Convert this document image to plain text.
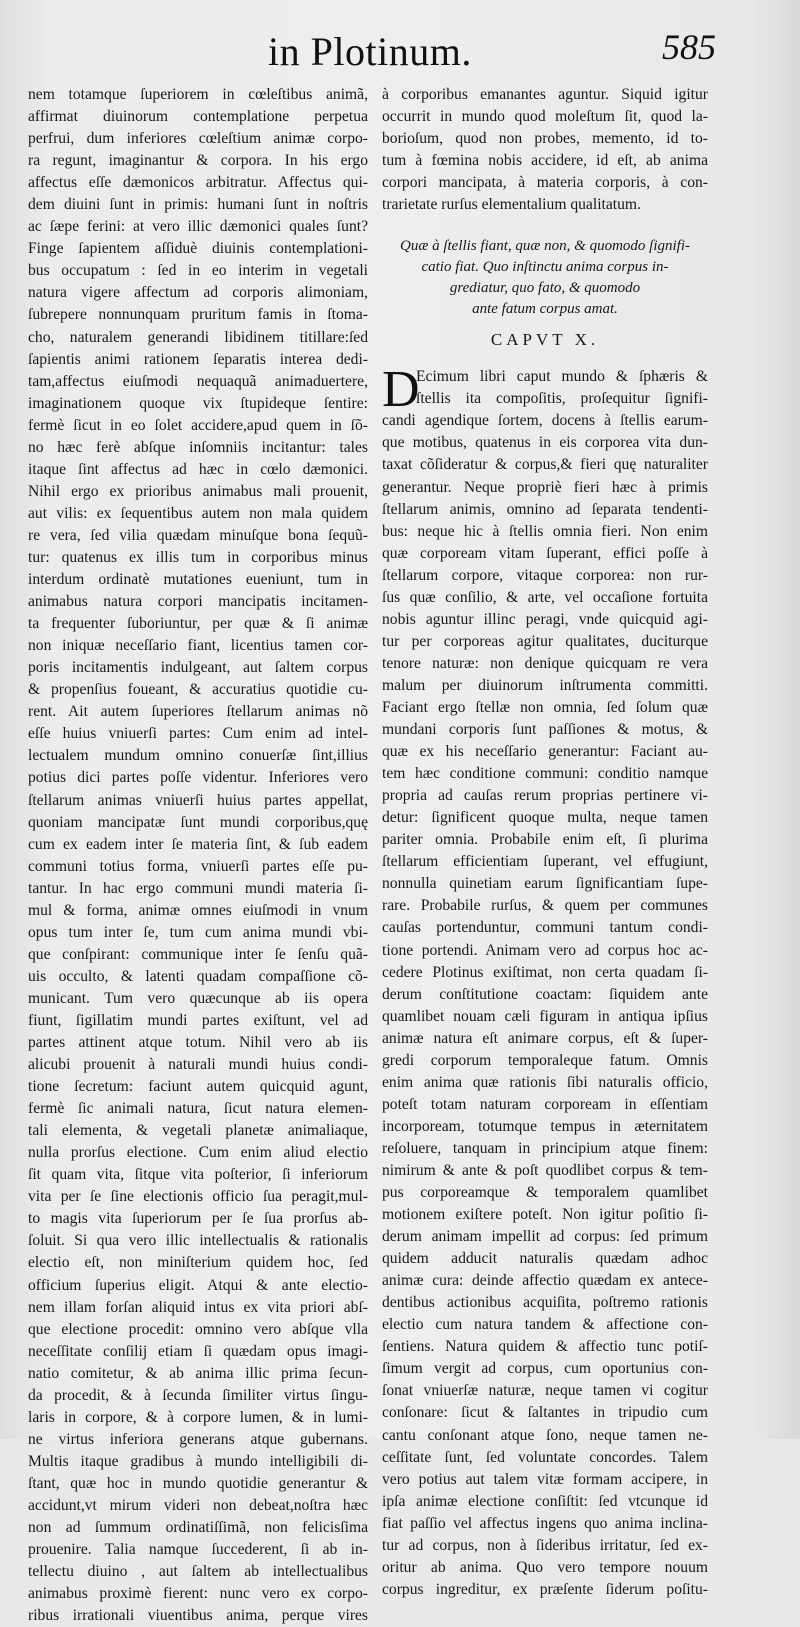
in Plotinum.	585
nem totamque ſuperiorem in cœleſtibus animã,
affirmat diuinorum contemplatione perpetua
perfrui, dum inferiores cœleſtium animæ corpo-
ra regunt, imaginantur & corpora. In his ergo
affectus eſſe dæmonicos arbitratur. Affectus qui-
dem diuini ſunt in primis: humani ſunt in noſtris
ac ſæpe ferini: at vero illic dæmonici quales ſunt?
Finge ſapientem aſſiduè diuinis contemplationi-
bus occupatum : ſed in eo interim in vegetali
natura vigere affectum ad corporis alimoniam,
ſubrepere nonnunquam pruritum famis in ſtoma-
cho, naturalem generandi libidinem titillare:ſed
ſapientis animi rationem ſeparatis interea dedi-
tam,affectus eiuſmodi nequaquã animaduertere,
imaginationem quoque vix ſtupideque ſentire:
fermè ſicut in eo ſolet accidere,apud quem in ſõ-
no hæc ferè abſque inſomniis incitantur: tales
itaque ſint affectus ad hæc in cœlo dæmonici.
Nihil ergo ex prioribus animabus mali prouenit,
aut vilis: ex ſequentibus autem non mala quidem
re vera, ſed vilia quædam minuſque bona ſequũ-
tur: quatenus ex illis tum in corporibus minus
interdum ordinatè mutationes eueniunt, tum in
animabus natura corpori mancipatis incitamen-
ta frequenter ſuboriuntur, per quæ & ſi animæ
non iniquæ neceſſario fiant, licentius tamen cor-
poris incitamentis indulgeant, aut ſaltem corpus
& propenſius foueant, & accuratius quotidie cu-
rent. Ait autem ſuperiores ſtellarum animas nõ
eſſe huius vniuerſi partes: Cum enim ad intel-
lectualem mundum omnino conuerſæ ſint,illius
potius dici partes poſſe videntur. Inferiores vero
ſtellarum animas vniuerſi huius partes appellat,
quoniam mancipatæ ſunt mundi corporibus,quę
cum ex eadem inter ſe materia ſint, & ſub eadem
communi totius forma, vniuerſi partes eſſe pu-
tantur. In hac ergo communi mundi materia ſi-
mul & forma, animæ omnes eiuſmodi in vnum
opus tum inter ſe, tum cum anima mundi vbi-
que conſpirant: communique inter ſe ſenſu quã-
uis occulto, & latenti quadam compaſſione cõ-
municant. Tum vero quæcunque ab iis opera
fiunt, ſigillatim mundi partes exiſtunt, vel ad
partes attinent atque totum. Nihil vero ab iis
alicubi prouenit à naturali mundi huius condi-
tione ſecretum: faciunt autem quicquid agunt,
fermè ſic animali natura, ſicut natura elemen-
tali elementa, & vegetali planetæ animaliaque,
nulla prorſus electione. Cum enim aliud electio
ſit quam vita, ſitque vita poſterior, ſi inferiorum
vita per ſe ſine electionis officio ſua peragit,mul-
to magis vita ſuperiorum per ſe ſua prorſus ab-
ſoluit. Si qua vero illic intellectualis & rationalis
electio eſt, non miniſterium quidem hoc, ſed
officium ſuperius eligit. Atqui & ante electio-
nem illam forſan aliquid intus ex vita priori abſ-
que electione procedit: omnino vero abſque vlla
neceſſitate conſilij etiam ſi quædam opus imagi-
natio comitetur, & ab anima illic prima ſecun-
da procedit, & à ſecunda ſimiliter virtus ſingu-
laris in corpore, & à corpore lumen, & in lumi-
ne virtus inferiora generans atque gubernans.
Multis itaque gradibus à mundo intelligibili di-
ſtant, quæ hoc in mundo quotidie generantur &
accidunt,vt mirum videri non debeat,noſtra hæc
non ad ſummum ordinatiſſimã, non felicisſima
prouenire. Talia namque ſuccederent, ſi ab in-
tellectu diuino , aut ſaltem ab intellectualibus
animabus proximè fierent: nunc vero ex corpo-
ribus irrationali viuentibus anima, perque vires
à corporibus emanantes aguntur. Siquid igitur
occurrit in mundo quod moleſtum ſit, quod la-
borioſum, quod non probes, memento, id to-
tum à fœmina nobis accidere, id eſt, ab anima
corpori mancipata, à materia corporis, à con-
trarietate rurſus elementalium qualitatum.
Quæ à ſtellis fiant, quæ non, & quomodo ſignifi-
catio fiat. Quo inſtinctu anima corpus in-
grediatur, quo fato, & quomodo
ante fatum corpus amat.
CAPVT X.
D
Ecimum libri caput mundo & ſphæris &
ſtellis ita compoſitis, proſequitur ſignifi-
candi agendique ſortem, docens à ſtellis earum-
que motibus, quatenus in eis corporea vita dun-
taxat cõſideratur & corpus,& fieri quę naturaliter
generantur. Neque propriè fieri hæc à primis
ſtellarum animis, omnino ad ſeparata tendenti-
bus: neque hic à ſtellis omnia fieri. Non enim
quæ corpoream vitam ſuperant, effici poſſe à
ſtellarum corpore, vitaque corporea: non rur-
ſus quæ conſilio, & arte, vel occaſione fortuita
nobis aguntur illinc peragi, vnde quicquid agi-
tur per corporeas agitur qualitates, duciturque
tenore naturæ: non denique quicquam re vera
malum per diuinorum inſtrumenta committi.
Faciant ergo ſtellæ non omnia, ſed ſolum quæ
mundani corporis ſunt paſſiones & motus, &
quæ ex his neceſſario generantur: Faciant au-
tem hæc conditione communi: conditio namque
propria ad cauſas rerum proprias pertinere vi-
detur: ſignificent quoque multa, neque tamen
pariter omnia. Probabile enim eſt, ſi plurima
ſtellarum efficientiam ſuperant, vel effugiunt,
nonnulla quinetiam earum ſignificantiam ſupe-
rare. Probabile rurſus, & quem per communes
cauſas portenduntur, communi tantum condi-
tione portendi. Animam vero ad corpus hoc ac-
cedere Plotinus exiſtimat, non certa quadam ſi-
derum conſtitutione coactam: ſiquidem ante
quamlibet nouam cæli figuram in antiqua ipſius
animæ natura eſt animare corpus, eſt & ſuper-
gredi corporum temporaleque fatum. Omnis
enim anima quæ rationis ſibi naturalis officio,
poteſt totam naturam corpoream in eſſentiam
incorpoream, totumque tempus in æternitatem
reſoluere, tanquam in principium atque finem:
nimirum & ante & poſt quodlibet corpus & tem-
pus corporeamque & temporalem quamlibet
motionem exiſtere poteſt. Non igitur poſitio ſi-
derum animam impellit ad corpus: ſed primum
quidem adducit naturalis quædam adhoc
animæ cura: deinde affectio quædam ex antece-
dentibus actionibus acquiſita, poſtremo rationis
electio cum natura tandem & affectione con-
ſentiens. Natura quidem & affectio tunc potiſ-
ſimum vergit ad corpus, cum oportunius con-
ſonat vniuerſæ naturæ, neque tamen vi cogitur
conſonare: ſicut & ſaltantes in tripudio cum
cantu conſonant atque ſono, neque tamen ne-
ceſſitate ſunt, ſed voluntate concordes. Talem
vero potius aut talem vitæ formam accipere, in
ipſa animæ electione conſiſtit: ſed vtcunque id
fiat paſſio vel affectus ingens quo anima inclina-
tur ad corpus, non à ſideribus irritatur, ſed ex-
oritur ab anima. Quo vero tempore nouum
corpus ingreditur, ex præſente ſiderum poſitu-
